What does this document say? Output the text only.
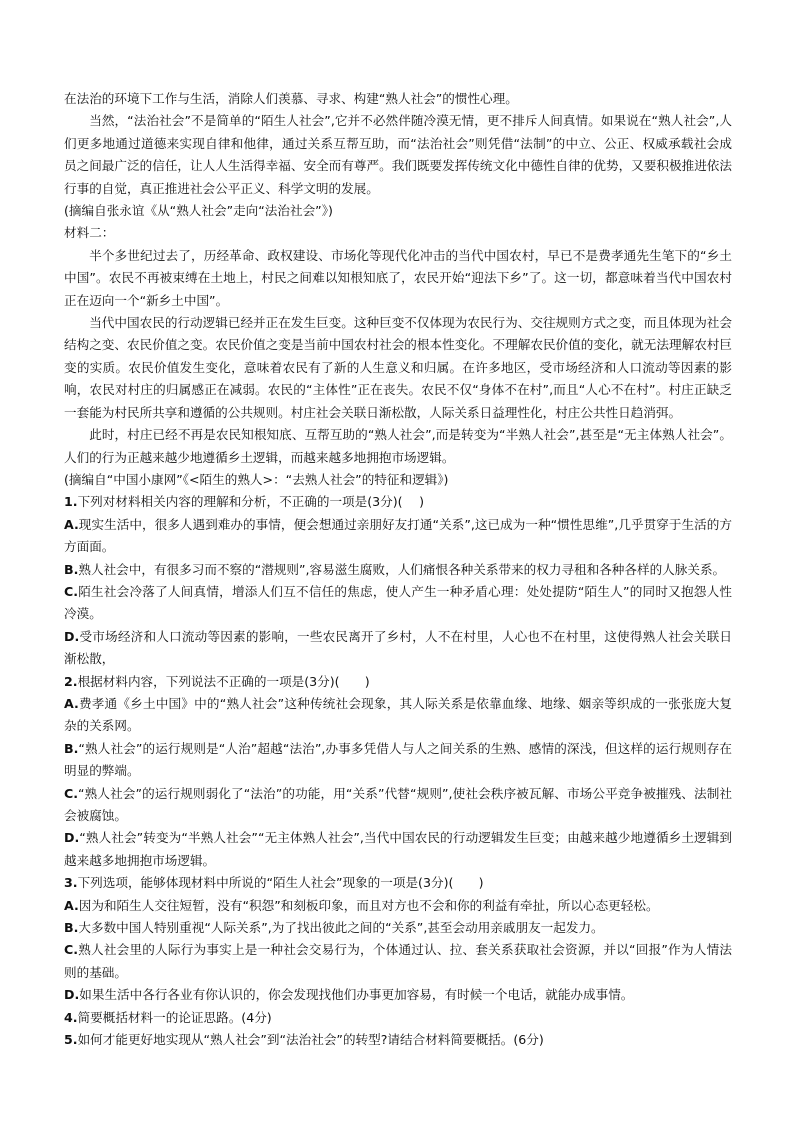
在法治的环境下工作与生活，消除人们羡慕、寻求、构建“熟人社会”的惯性心理。

当然，“法治社会”不是简单的“陌生人社会”,它并不必然伴随冷漠无情，更不排斥人间真情。如果说在“熟人社会”,人们更多地通过道德来实现自律和他律，通过关系互帮互助，而“法治社会”则凭借“法制”的中立、公正、权威承载社会成员之间最广泛的信任，让人人生活得幸福、安全而有尊严。我们既要发挥传统文化中德性自律的优势，又要积极推进依法行事的自觉，真正推进社会公平正义、科学文明的发展。

(摘编自张永谊《从“熟人社会”走向“法治社会”》)

材料二：

半个多世纪过去了，历经革命、政权建设、市场化等现代化冲击的当代中国农村，早已不是费孝通先生笔下的“乡土中国”。农民不再被束缚在土地上，村民之间难以知根知底了，农民开始“迎法下乡”了。这一切，都意味着当代中国农村正在迈向一个“新乡土中国”。

当代中国农民的行动逻辑已经并正在发生巨变。这种巨变不仅体现为农民行为、交往规则方式之变，而且体现为社会结构之变、农民价值之变。农民价值之变是当前中国农村社会的根本性变化。不理解农民价值的变化，就无法理解农村巨变的实质。农民价值发生变化，意味着农民有了新的人生意义和归属。在许多地区，受市场经济和人口流动等因素的影响，农民对村庄的归属感正在减弱。农民的“主体性”正在丧失。农民不仅“身体不在村”,而且“人心不在村”。村庄正缺乏一套能为村民所共享和遵循的公共规则。村庄社会关联日渐松散，人际关系日益理性化，村庄公共性日趋消弭。

此时，村庄已经不再是农民知根知底、互帮互助的“熟人社会”,而是转变为“半熟人社会”,甚至是“无主体熟人社会”。人们的行为正越来越少地遵循乡土逻辑，而越来越多地拥抱市场逻辑。

(摘编自“中国小康网”《<陌生的熟人>：“去熟人社会”的特征和逻辑》)

1.下列对材料相关内容的理解和分析，不正确的一项是(3分)(　 )

A.现实生活中，很多人遇到难办的事情，便会想通过亲朋好友打通“关系”,这已成为一种“惯性思维”,几乎贯穿于生活的方方面面。

B.熟人社会中，有很多习而不察的“潜规则”,容易滋生腐败，人们痛恨各种关系带来的权力寻租和各种各样的人脉关系。

C.陌生社会冷落了人间真情，增添人们互不信任的焦虑，使人产生一种矛盾心理：处处提防“陌生人”的同时又抱怨人性冷漠。

D.受市场经济和人口流动等因素的影响，一些农民离开了乡村，人不在村里，人心也不在村里，这使得熟人社会关联日渐松散，

2.根据材料内容，下列说法不正确的一项是(3分)(　　)

A.费孝通《乡土中国》中的“熟人社会”这种传统社会现象，其人际关系是依靠血缘、地缘、姻亲等织成的一张张庞大复杂的关系网。

B.“熟人社会”的运行规则是“人治”超越“法治”,办事多凭借人与人之间关系的生熟、感情的深浅，但这样的运行规则存在明显的弊端。

C.“熟人社会”的运行规则弱化了“法治”的功能，用“关系”代替“规则”,使社会秩序被瓦解、市场公平竞争被摧残、法制社会被腐蚀。

D.“熟人社会”转变为“半熟人社会”“无主体熟人社会”,当代中国农民的行动逻辑发生巨变；由越来越少地遵循乡土逻辑到越来越多地拥抱市场逻辑。

3.下列选项，能够体现材料中所说的“陌生人社会”现象的一项是(3分)(　　)

A.因为和陌生人交往短暂，没有“积怨”和刻板印象，而且对方也不会和你的利益有牵扯，所以心态更轻松。

B.大多数中国人特别重视“人际关系”,为了找出彼此之间的“关系”,甚至会动用亲戚朋友一起发力。

C.熟人社会里的人际行为事实上是一种社会交易行为，个体通过认、拉、套关系获取社会资源，并以“回报”作为人情法则的基础。

D.如果生活中各行各业有你认识的，你会发现找他们办事更加容易，有时候一个电话，就能办成事情。

4.简要概括材料一的论证思路。(4分)

5.如何才能更好地实现从“熟人社会”到“法治社会”的转型?请结合材料简要概括。(6分)
